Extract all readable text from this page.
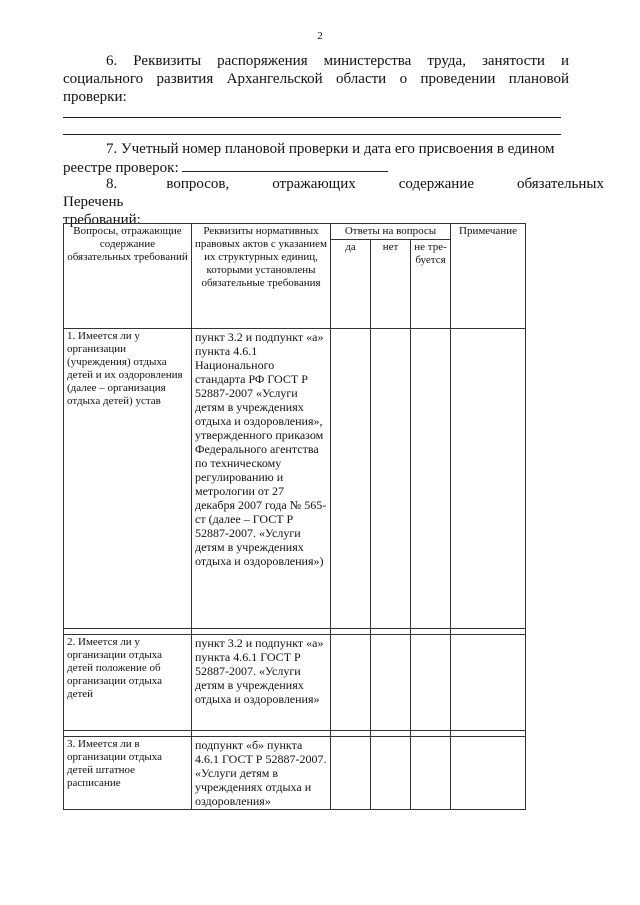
2
6. Реквизиты распоряжения министерства труда, занятости и социального развития Архангельской области о проведении плановой проверки:
7. Учетный номер плановой проверки и дата его присвоения в едином реестре проверок:
8. Перечень
вопросов,	отражающих	содержание	обязательных
требований:
Вопросы, отражающие содержание обязательных требований	Реквизиты нормативных правовых актов с указанием их структурных единиц, которыми установлены обязательные требования	Ответы на вопросы			Примечание
		да	нет	не тре-буется	
1. Имеется ли у организации (учреждения) отдыха детей и их оздоровления (далее – организация отдыха детей) устав	пункт 3.2 и подпункт «а» пункта 4.6.1 Национального стандарта РФ ГОСТ Р 52887-2007 «Услуги детям в учреждениях отдыха и оздоровления», утвержденного приказом Федерального агентства по техническому регулированию и метрологии от 27 декабря 2007 года № 565-ст (далее – ГОСТ Р 52887-2007. «Услуги детям в учреждениях отдыха и оздоровления»)				

2. Имеется ли у организации отдыха детей положение об организации отдыха детей	пункт 3.2 и подпункт «а» пункта 4.6.1 ГОСТ Р 52887-2007. «Услуги детям в учреждениях отдыха и оздоровления»				

3. Имеется ли в организации отдыха детей штатное расписание	подпункт «б» пункта 4.6.1 ГОСТ Р 52887-2007. «Услуги детям в учреждениях отдыха и оздоровления»				
